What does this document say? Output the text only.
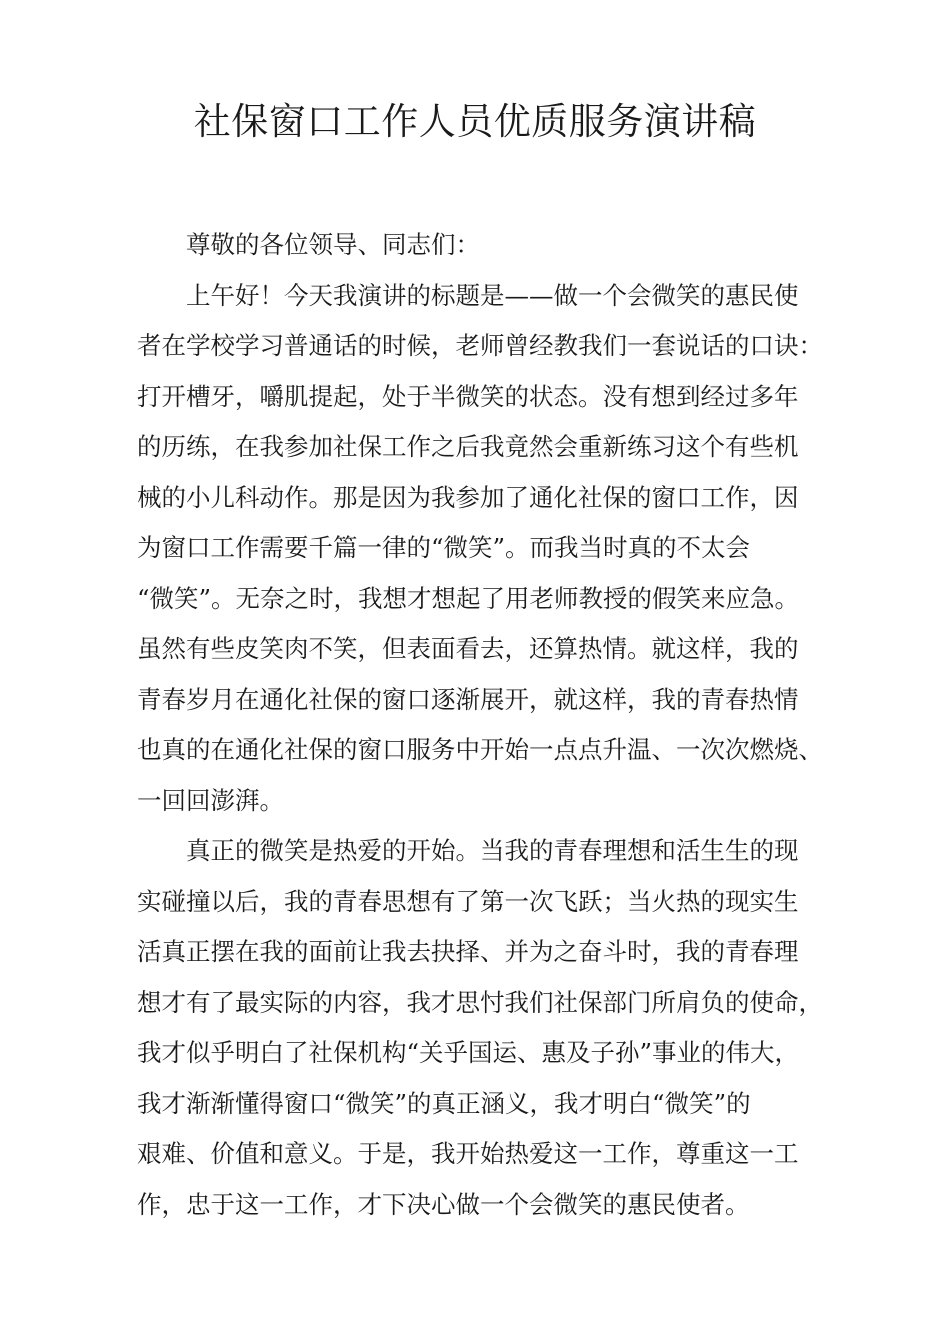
社保窗口工作人员优质服务演讲稿
尊敬的各位领导、同志们：
上午好！今天我演讲的标题是——做一个会微笑的惠民使
者在学校学习普通话的时候，老师曾经教我们一套说话的口诀：
打开槽牙，嚼肌提起，处于半微笑的状态。没有想到经过多年
的历练，在我参加社保工作之后我竟然会重新练习这个有些机
械的小儿科动作。那是因为我参加了通化社保的窗口工作，因
为窗口工作需要千篇一律的“微笑”。而我当时真的不太会
“微笑”。无奈之时，我想才想起了用老师教授的假笑来应急。
虽然有些皮笑肉不笑，但表面看去，还算热情。就这样，我的
青春岁月在通化社保的窗口逐渐展开，就这样，我的青春热情
也真的在通化社保的窗口服务中开始一点点升温、一次次燃烧、
一回回澎湃。
真正的微笑是热爱的开始。当我的青春理想和活生生的现
实碰撞以后，我的青春思想有了第一次飞跃；当火热的现实生
活真正摆在我的面前让我去抉择、并为之奋斗时，我的青春理
想才有了最实际的内容，我才思忖我们社保部门所肩负的使命，
我才似乎明白了社保机构“关乎国运、惠及子孙”事业的伟大，
我才渐渐懂得窗口“微笑”的真正涵义，我才明白“微笑”的
艰难、价值和意义。于是，我开始热爱这一工作，尊重这一工
作，忠于这一工作，才下决心做一个会微笑的惠民使者。
